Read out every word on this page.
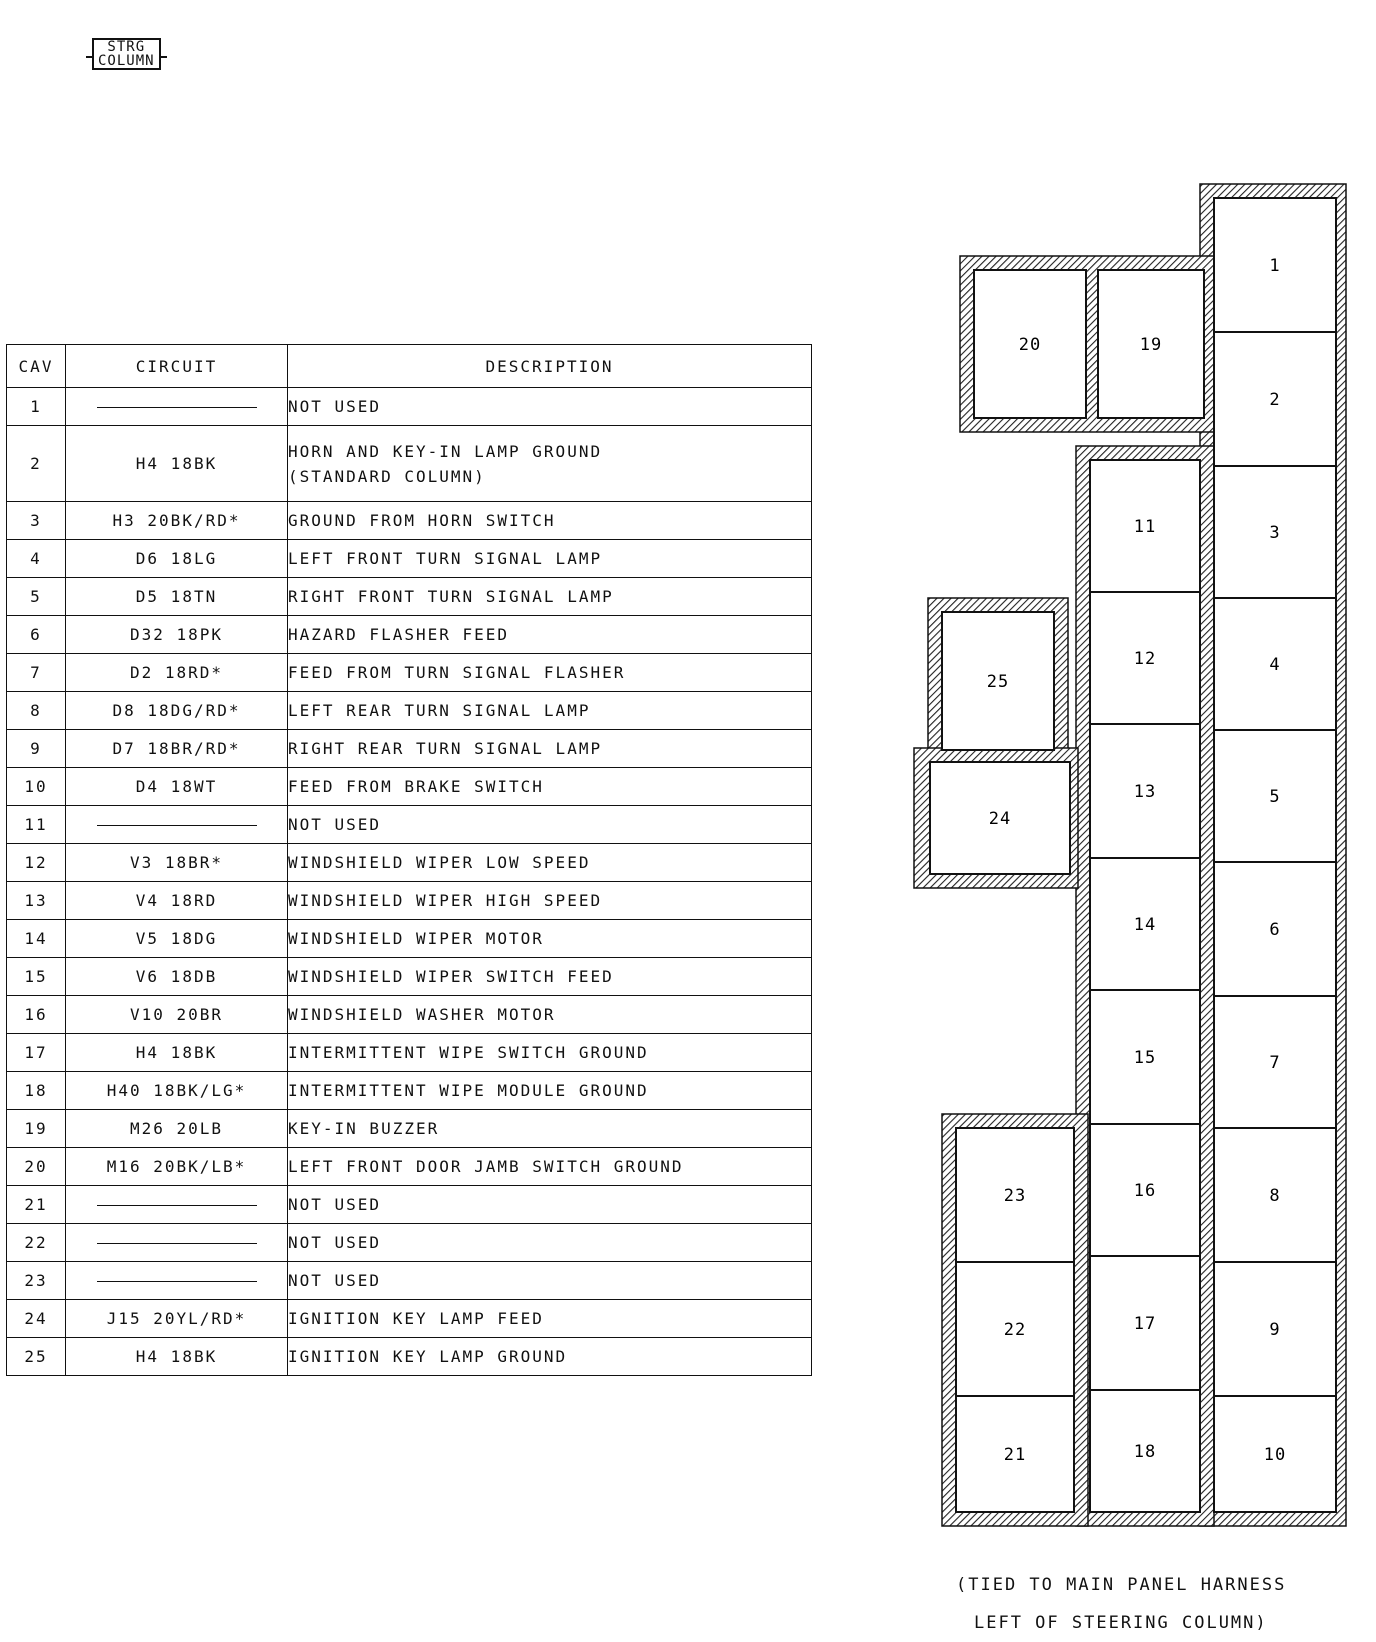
STRG
COLUMN
CAV	CIRCUIT	DESCRIPTION
1		NOT USED

2	H4 18BK	HORN AND KEY-IN LAMP GROUND
(STANDARD COLUMN)

3	H3 20BK/RD*	GROUND FROM HORN SWITCH

4	D6 18LG	LEFT FRONT TURN SIGNAL LAMP

5	D5 18TN	RIGHT FRONT TURN SIGNAL LAMP

6	D32 18PK	HAZARD FLASHER FEED

7	D2 18RD*	FEED FROM TURN SIGNAL FLASHER

8	D8 18DG/RD*	LEFT REAR TURN SIGNAL LAMP

9	D7 18BR/RD*	RIGHT REAR TURN SIGNAL LAMP

10	D4 18WT	FEED FROM BRAKE SWITCH

11		NOT USED

12	V3 18BR*	WINDSHIELD WIPER LOW SPEED

13	V4 18RD	WINDSHIELD WIPER HIGH SPEED

14	V5 18DG	WINDSHIELD WIPER MOTOR

15	V6 18DB	WINDSHIELD WIPER SWITCH FEED

16	V10 20BR	WINDSHIELD WASHER MOTOR

17	H4 18BK	INTERMITTENT WIPE SWITCH GROUND

18	H40 18BK/LG*	INTERMITTENT WIPE MODULE GROUND

19	M26 20LB	KEY-IN BUZZER

20	M16 20BK/LB*	LEFT FRONT DOOR JAMB SWITCH GROUND

21		NOT USED

22		NOT USED

23		NOT USED

24	J15 20YL/RD*	IGNITION KEY LAMP FEED

25	H4 18BK	IGNITION KEY LAMP GROUND
1
2
3
4
5
6
7
8
9
10
11
12
13
14
15
16
17
18
20	19
25
24
23
22
21
(TIED TO MAIN PANEL HARNESS
LEFT OF STEERING COLUMN)
